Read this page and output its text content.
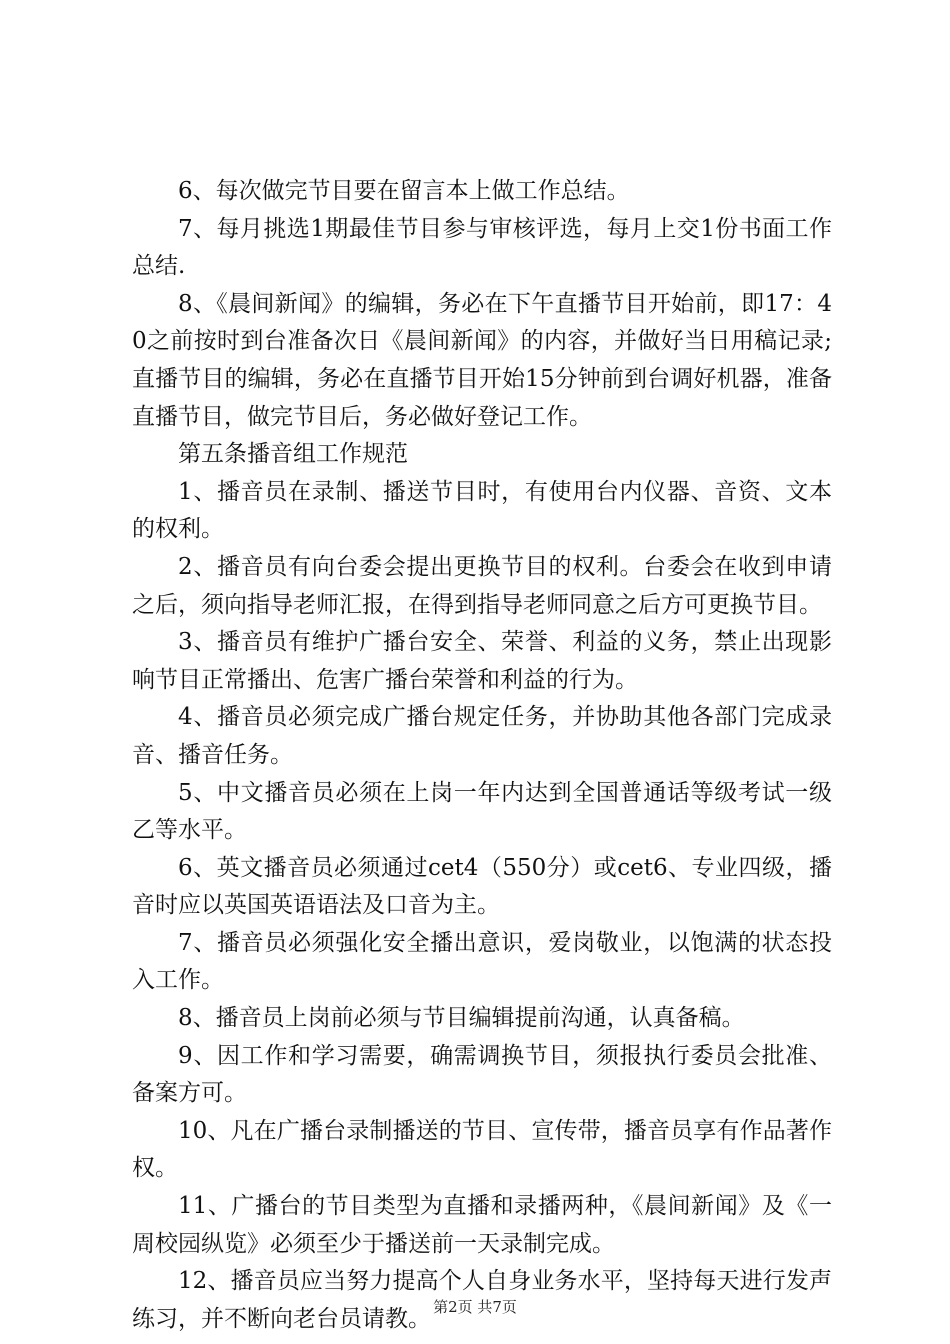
6、每次做完节目要在留言本上做工作总结。

7、每月挑选1期最佳节目参与审核评选，每月上交1份书面工作总结.

8、《晨间新闻》的编辑，务必在下午直播节目开始前，即17：40之前按时到台准备次日《晨间新闻》的内容，并做好当日用稿记录;直播节目的编辑，务必在直播节目开始15分钟前到台调好机器，准备直播节目，做完节目后，务必做好登记工作。

第五条播音组工作规范

1、播音员在录制、播送节目时，有使用台内仪器、音资、文本的权利。

2、播音员有向台委会提出更换节目的权利。台委会在收到申请之后，须向指导老师汇报，在得到指导老师同意之后方可更换节目。

3、播音员有维护广播台安全、荣誉、利益的义务，禁止出现影响节目正常播出、危害广播台荣誉和利益的行为。

4、播音员必须完成广播台规定任务，并协助其他各部门完成录音、播音任务。

5、中文播音员必须在上岗一年内达到全国普通话等级考试一级乙等水平。

6、英文播音员必须通过cet4（550分）或cet6、专业四级，播音时应以英国英语语法及口音为主。

7、播音员必须强化安全播出意识，爱岗敬业，以饱满的状态投入工作。

8、播音员上岗前必须与节目编辑提前沟通，认真备稿。

9、因工作和学习需要，确需调换节目，须报执行委员会批准、备案方可。

10、凡在广播台录制播送的节目、宣传带，播音员享有作品著作权。

11、广播台的节目类型为直播和录播两种，《晨间新闻》及《一周校园纵览》必须至少于播送前一天录制完成。

12、播音员应当努力提高个人自身业务水平，坚持每天进行发声练习，并不断向老台员请教。 第2页 共7页
